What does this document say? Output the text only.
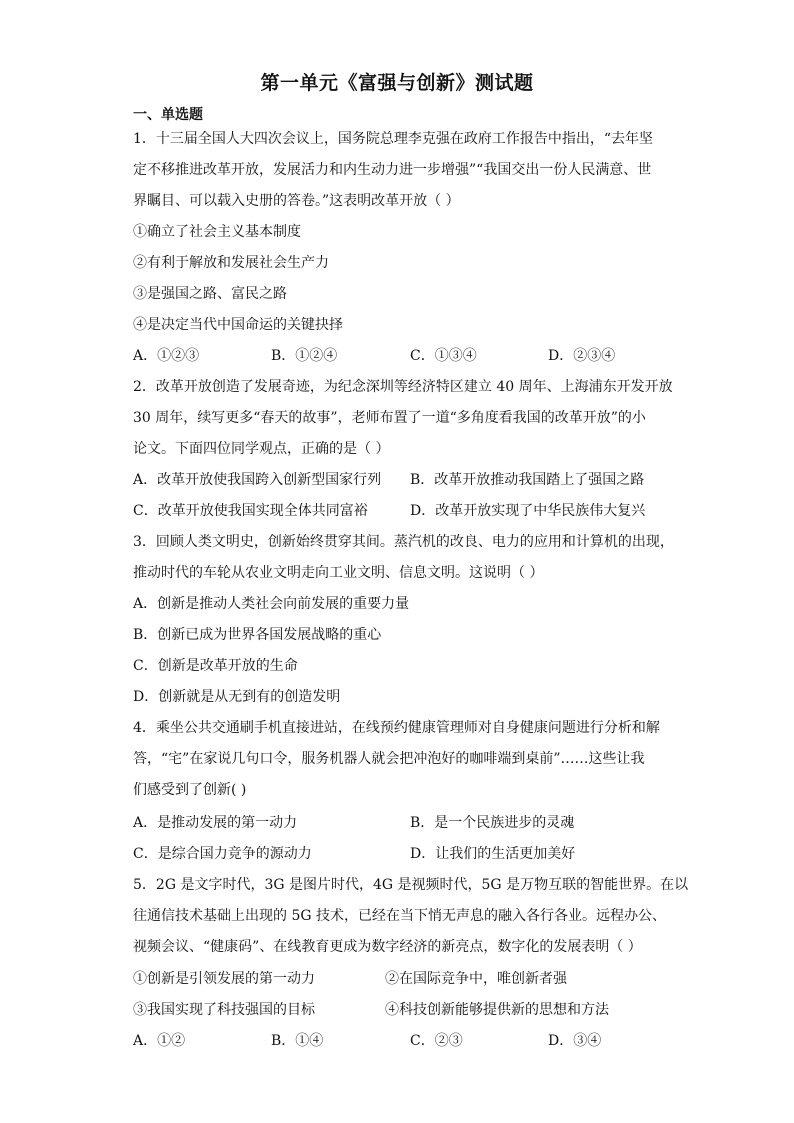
第一单元《富强与创新》测试题
一、单选题
1．十三届全国人大四次会议上，国务院总理李克强在政府工作报告中指出，“去年坚
定不移推进改革开放，发展活力和内生动力进一步增强”“我国交出一份人民满意、世
界瞩目、可以载入史册的答卷。”这表明改革开放（ ）
①确立了社会主义基本制度
②有利于解放和发展社会生产力
③是强国之路、富民之路
④是决定当代中国命运的关键抉择
A．①②③	B．①②④	C．①③④	D．②③④
2．改革开放创造了发展奇迹，为纪念深圳等经济特区建立 40 周年、上海浦东开发开放
30 周年，续写更多“春天的故事”，老师布置了一道“多角度看我国的改革开放”的小
论文。下面四位同学观点，正确的是（ ）
A．改革开放使我国跨入创新型国家行列 B．改革开放推动我国踏上了强国之路
C．改革开放使我国实现全体共同富裕	D．改革开放实现了中华民族伟大复兴
3．回顾人类文明史，创新始终贯穿其间。蒸汽机的改良、电力的应用和计算机的出现，
推动时代的车轮从农业文明走向工业文明、信息文明。这说明（ ）
A．创新是推动人类社会向前发展的重要力量
B．创新已成为世界各国发展战略的重心
C．创新是改革开放的生命
D．创新就是从无到有的创造发明
4．乘坐公共交通刷手机直接进站，在线预约健康管理师对自身健康问题进行分析和解
答，“宅”在家说几句口令，服务机器人就会把冲泡好的咖啡端到桌前”……这些让我
们感受到了创新( )
A．是推动发展的第一动力	B．是一个民族进步的灵魂
C．是综合国力竞争的源动力	D．让我们的生活更加美好
5．2G 是文字时代，3G 是图片时代，4G 是视频时代，5G 是万物互联的智能世界。在以
往通信技术基础上出现的 5G 技术，已经在当下悄无声息的融入各行各业。远程办公、
视频会议、“健康码”、在线教育更成为数字经济的新亮点，数字化的发展表明（ ）
①创新是引领发展的第一动力	②在国际竞争中，唯创新者强
③我国实现了科技强国的目标	④科技创新能够提供新的思想和方法
A．①②	B．①④	C．②③	D．③④
